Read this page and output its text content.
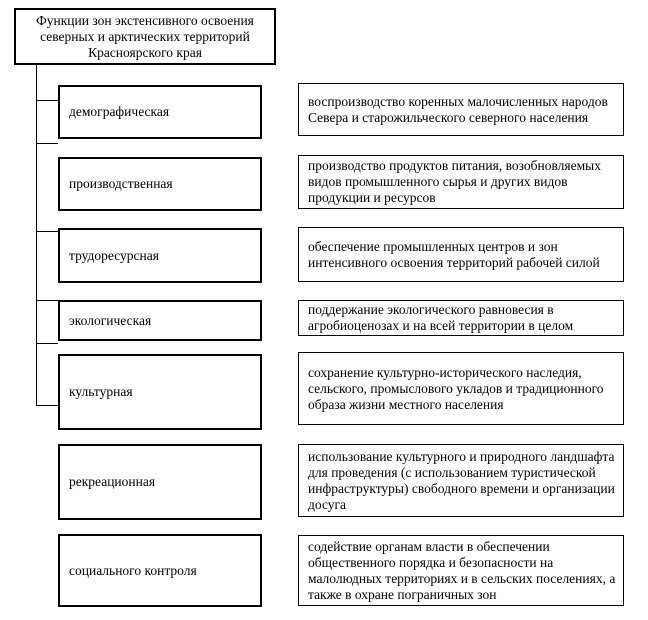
Функции зон экстенсивного освоения северных и арктических территорий Красноярского края
демографическая
производственная
трудоресурсная
экологическая
культурная
рекреационная
социального контроля
воспроизводство коренных малочисленных народов Севера и старожильческого северного населения
производство продуктов питания, возобновляемых видов промышленного сырья и других видов продукции и ресурсов
обеспечение промышленных центров и зон интенсивного освоения территорий рабочей силой
поддержание экологического равновесия в агробиоценозах и на всей территории в целом
сохранение культурно-исторического наследия, сельского, промыслового укладов и традиционного образа жизни местного населения
использование культурного и природного ландшафта для проведения (с использованием туристической инфраструктуры) свободного времени и организации досуга
содействие органам власти в обеспечении общественного порядка и безопасности на малолюдных территориях и в сельских поселениях, а также в охране пограничных зон
